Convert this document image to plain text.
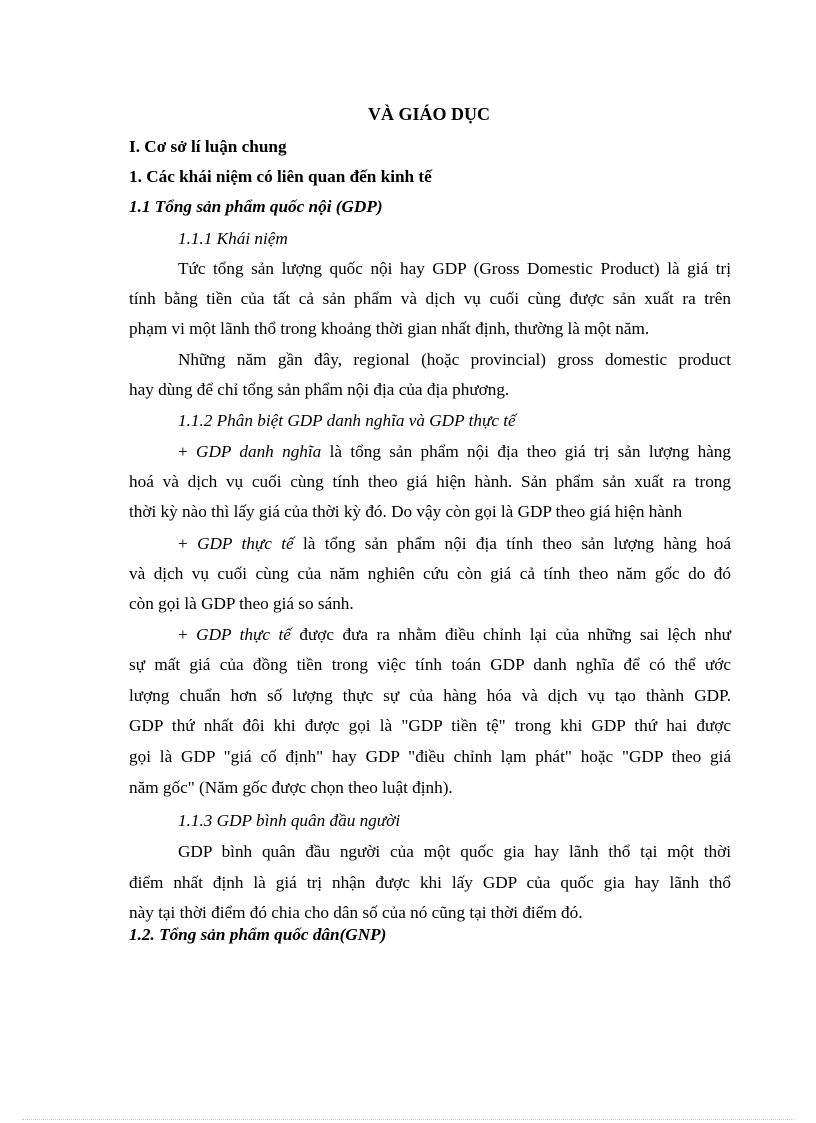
VÀ GIÁO DỤC
I. Cơ sở lí luận chung
1. Các khái niệm có liên quan đến kinh tế
1.1 Tổng sản phẩm quốc nội (GDP)
1.1.1 Khái niệm
Tức tổng sản lượng quốc nội hay GDP (Gross Domestic Product) là giá trị
tính bằng tiền của tất cả sản phẩm và dịch vụ cuối cùng được sản xuất ra trên
phạm vi một lãnh thổ trong khoảng thời gian nhất định, thường là một năm.
Những năm gần đây, regional (hoặc provincial) gross domestic product
hay dùng để chỉ tổng sản phẩm nội địa của địa phương.
1.1.2 Phân biệt GDP danh nghĩa và GDP thực tế
+ GDP danh nghĩa là tổng sản phẩm nội địa theo giá trị sản lượng hàng
hoá và dịch vụ cuối cùng tính theo giá hiện hành. Sản phẩm sản xuất ra trong
thời kỳ nào thì lấy giá của thời kỳ đó. Do vậy còn gọi là GDP theo giá hiện hành
+ GDP thực tế là tổng sản phẩm nội địa tính theo sản lượng hàng hoá
và dịch vụ cuối cùng của năm nghiên cứu còn giá cả tính theo năm gốc do đó
còn gọi là GDP theo giá so sánh.
+ GDP thực tế được đưa ra nhằm điều chỉnh lại của những sai lệch như
sự mất giá của đồng tiền trong việc tính toán GDP danh nghĩa để có thể ước
lượng chuẩn hơn số lượng thực sự của hàng hóa và dịch vụ tạo thành GDP.
GDP thứ nhất đôi khi được gọi là "GDP tiền tệ" trong khi GDP thứ hai được
gọi là GDP "giá cố định" hay GDP "điều chỉnh lạm phát" hoặc "GDP theo giá
năm gốc" (Năm gốc được chọn theo luật định).
1.1.3 GDP bình quân đầu người
GDP bình quân đầu người của một quốc gia hay lãnh thổ tại một thời
điểm nhất định là giá trị nhận được khi lấy GDP của quốc gia hay lãnh thổ
này tại thời điểm đó chia cho dân số của nó cũng tại thời điểm đó.
1.2. Tổng sản phẩm quốc dân(GNP)
